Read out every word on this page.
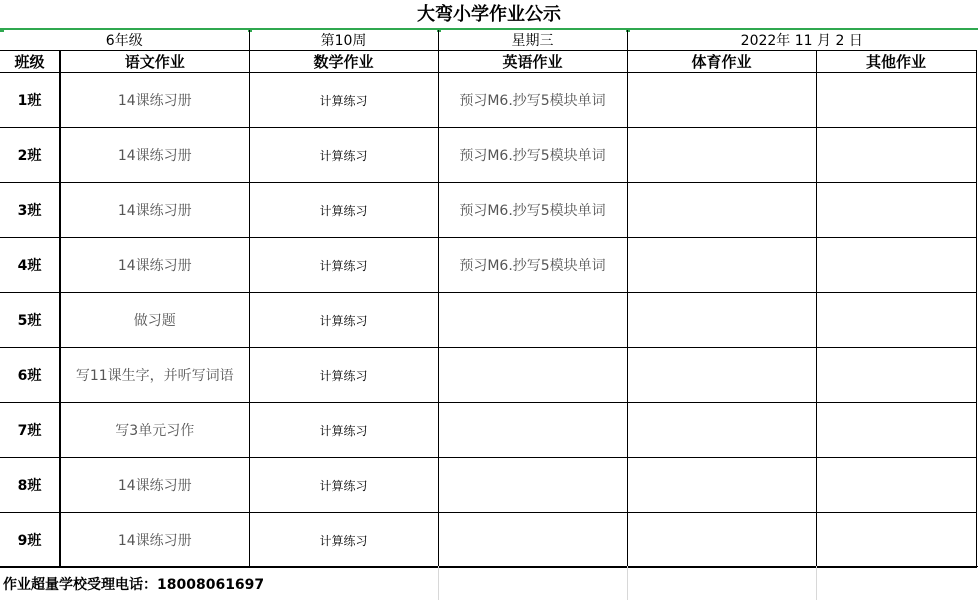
大弯小学作业公示
6年级		第10周	星期三	2022年 11 月 2 日	
班级	语文作业	数学作业	英语作业	体育作业	其他作业
1班	14课练习册	计算练习	预习M6.抄写5模块单词		
2班	14课练习册	计算练习	预习M6.抄写5模块单词		
3班	14课练习册	计算练习	预习M6.抄写5模块单词		
4班	14课练习册	计算练习	预习M6.抄写5模块单词		
5班	做习题	计算练习			
6班	写11课生字，并听写词语	计算练习			
7班	写3单元习作	计算练习			
8班	14课练习册	计算练习			
9班	14课练习册	计算练习			
作业超量学校受理电话：18008061697
